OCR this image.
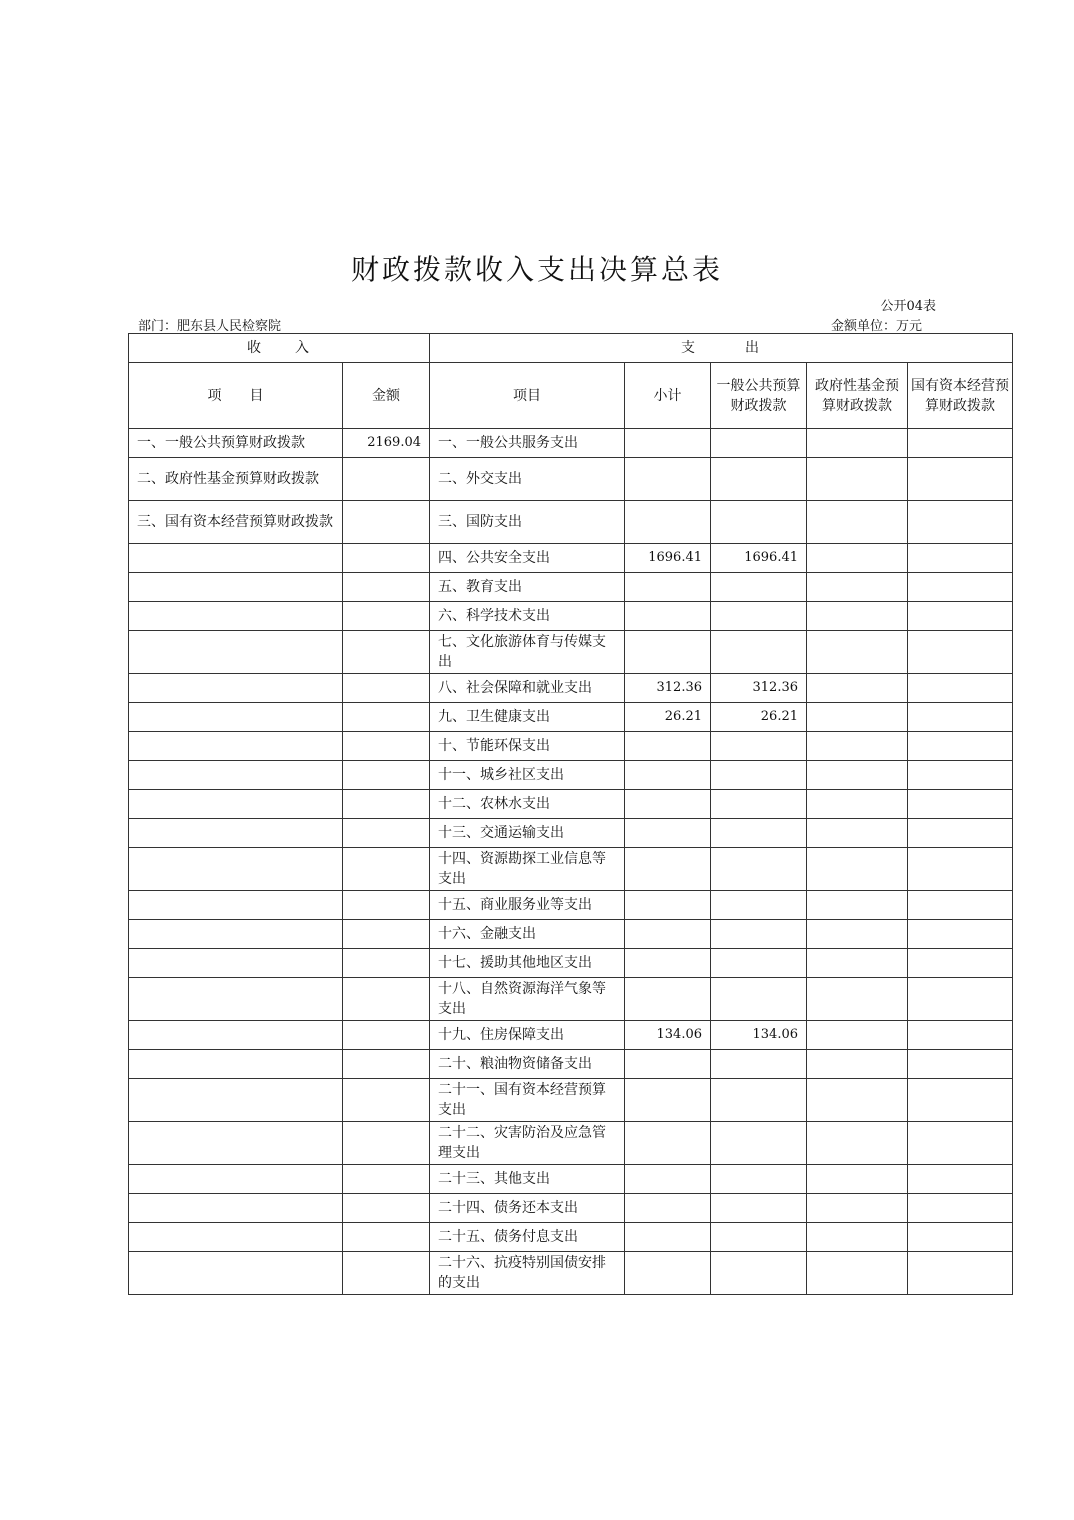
财政拨款收入支出决算总表
公开04表
部门：肥东县人民检察院	金额单位：万元
收　　入		支　　　出				
项　　目	金额	项目	小计	一般公共预算财政拨款	政府性基金预算财政拨款	国有资本经营预算财政拨款
一、一般公共预算财政拨款	2169.04	一、一般公共服务支出				
二、政府性基金预算财政拨款		二、外交支出				
三、国有资本经营预算财政拨款		三、国防支出				
		四、公共安全支出	1696.41	1696.41		
		五、教育支出				
		六、科学技术支出				
		七、文化旅游体育与传媒支出				
		八、社会保障和就业支出	312.36	312.36		
		九、卫生健康支出	26.21	26.21		
		十、节能环保支出				
		十一、城乡社区支出				
		十二、农林水支出				
		十三、交通运输支出				
		十四、资源勘探工业信息等支出				
		十五、商业服务业等支出				
		十六、金融支出				
		十七、援助其他地区支出				
		十八、自然资源海洋气象等支出				
		十九、住房保障支出	134.06	134.06		
		二十、粮油物资储备支出				
		二十一、国有资本经营预算支出				
		二十二、灾害防治及应急管理支出				
		二十三、其他支出				
		二十四、债务还本支出				
		二十五、债务付息支出				
		二十六、抗疫特别国债安排的支出				
